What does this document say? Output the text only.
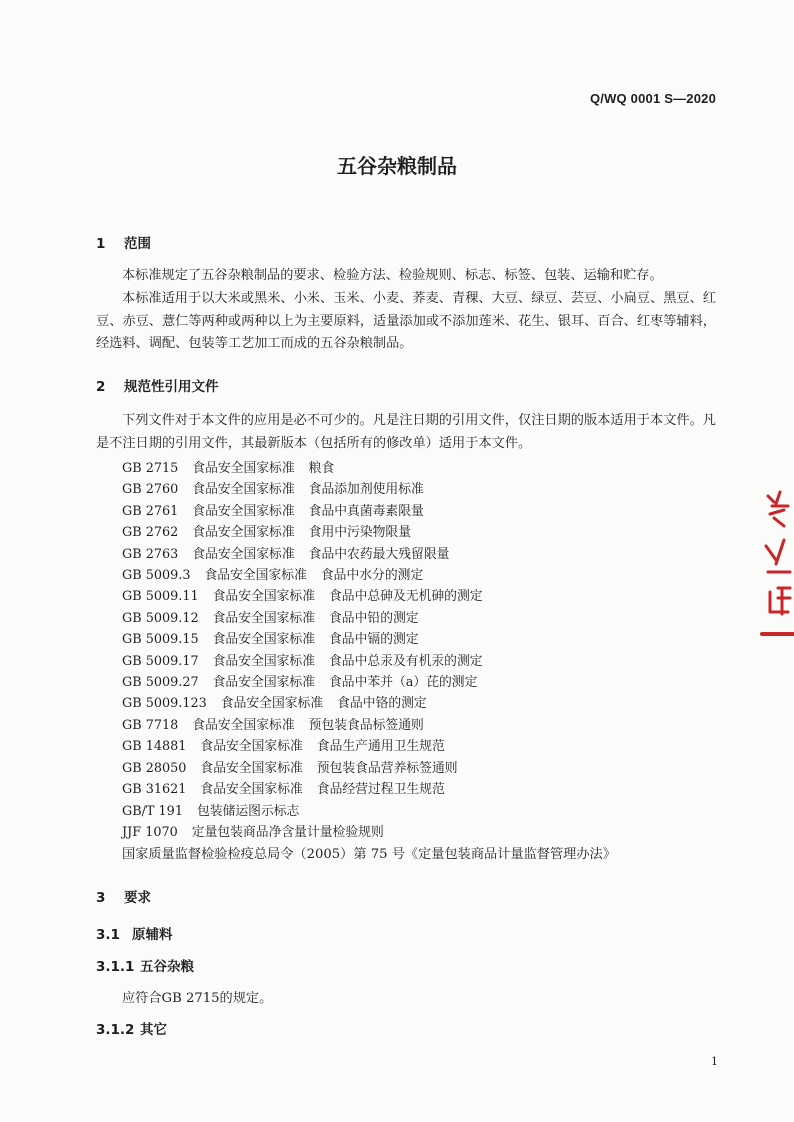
Q/WQ 0001 S—2020
五谷杂粮制品
1 范围
本标准规定了五谷杂粮制品的要求、检验方法、检验规则、标志、标签、包装、运输和贮存。
本标准适用于以大米或黑米、小米、玉米、小麦、荞麦、青稞、大豆、绿豆、芸豆、小扁豆、黑豆、红豆、赤豆、薏仁等两种或两种以上为主要原料，适量添加或不添加莲米、花生、银耳、百合、红枣等辅料，经选料、调配、包装等工艺加工而成的五谷杂粮制品。
2 规范性引用文件
下列文件对于本文件的应用是必不可少的。凡是注日期的引用文件，仅注日期的版本适用于本文件。凡是不注日期的引用文件，其最新版本（包括所有的修改单）适用于本文件。
GB 2715 食品安全国家标准 粮食
GB 2760 食品安全国家标准 食品添加剂使用标准
GB 2761 食品安全国家标准 食品中真菌毒素限量
GB 2762 食品安全国家标准 食用中污染物限量
GB 2763 食品安全国家标准 食品中农药最大残留限量
GB 5009.3 食品安全国家标准 食品中水分的测定
GB 5009.11 食品安全国家标准 食品中总砷及无机砷的测定
GB 5009.12 食品安全国家标准 食品中铅的测定
GB 5009.15 食品安全国家标准 食品中镉的测定
GB 5009.17 食品安全国家标准 食品中总汞及有机汞的测定
GB 5009.27 食品安全国家标准 食品中苯并（a）芘的测定
GB 5009.123 食品安全国家标准 食品中铬的测定
GB 7718 食品安全国家标准 预包装食品标签通则
GB 14881 食品安全国家标准 食品生产通用卫生规范
GB 28050 食品安全国家标准 预包装食品营养标签通则
GB 31621 食品安全国家标准 食品经营过程卫生规范
GB/T 191 包装储运图示标志
JJF 1070 定量包装商品净含量计量检验规则
国家质量监督检验检疫总局令（2005）第 75 号《定量包装商品计量监督管理办法》
3 要求
3.1 原辅料
3.1.1 五谷杂粮
应符合GB 2715的规定。
3.1.2 其它
1
